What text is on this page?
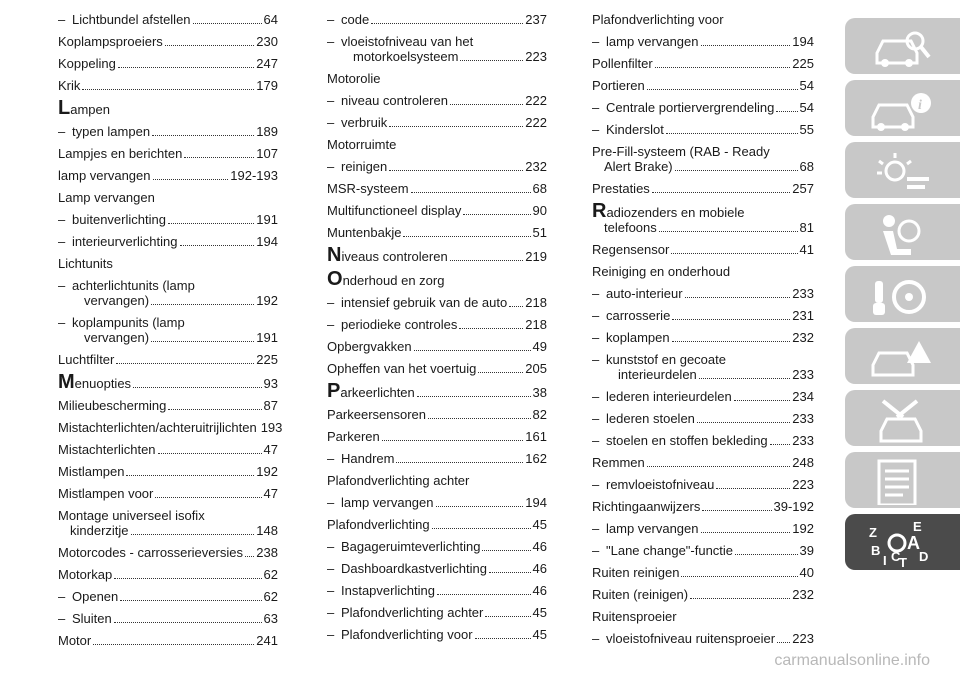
– Lichtbundel afstellen	64
Koplampsproeiers	230
Koppeling	247
Krik	179
Lampen
– typen lampen	189
Lampjes en berichten	107
lamp vervangen	192-193
Lamp vervangen
– buitenverlichting	191
– interieurverlichting	194
Lichtunits
– achterlichtunits (lamp
vervangen)	192
– koplampunits (lamp
vervangen)	191
Luchtfilter	225
Menuopties	93
Milieubescherming	87
Mistachterlichten/achteruitrijlichten 193
Mistachterlichten	47
Mistlampen	192
Mistlampen voor	47
Montage universeel isofix
kinderzitje	148
Motorcodes - carrosserieversies 238
Motorkap	62
– Openen	62
– Sluiten	63
Motor	241
– code	237
– vloeistofniveau van het
motorkoelsysteem	223
Motorolie
– niveau controleren	222
– verbruik	222
Motorruimte
– reinigen	232
MSR-systeem	68
Multifunctioneel display	90
Muntenbakje	51
Niveaus controleren	219
Onderhoud en zorg
– intensief gebruik van de auto 218
– periodieke controles	218
Opbergvakken	49
Opheffen van het voertuig	205
Parkeerlichten	38
Parkeersensoren	82
Parkeren	161
– Handrem	162
Plafondverlichting achter
– lamp vervangen	194
Plafondverlichting	45
– Bagageruimteverlichting	46
– Dashboardkastverlichting	46
– Instapverlichting	46
– Plafondverlichting achter	45
– Plafondverlichting voor	45
Plafondverlichting voor
– lamp vervangen	194
Pollenfilter	225
Portieren	54
– Centrale portiervergrendeling 54
– Kinderslot	55
Pre-Fill-systeem (RAB - Ready
Alert Brake)	68
Prestaties	257
Radiozenders en mobiele
telefoons	81
Regensensor	41
Reiniging en onderhoud
– auto-interieur	233
– carrosserie	231
– koplampen	232
– kunststof en gecoate
interieurdelen	233
– lederen interieurdelen	234
– lederen stoelen	233
– stoelen en stoffen bekleding 233
Remmen	248
– remvloeistofniveau	223
Richtingaanwijzers	39-192
– lamp vervangen	192
– "Lane change"-functie	39
Ruiten reinigen	40
Ruiten (reinigen)	232
Ruitensproeier
– vloeistofniveau ruitensproeier 223
i
Z	E
B A
I C
T D
carmanualsonline.info
